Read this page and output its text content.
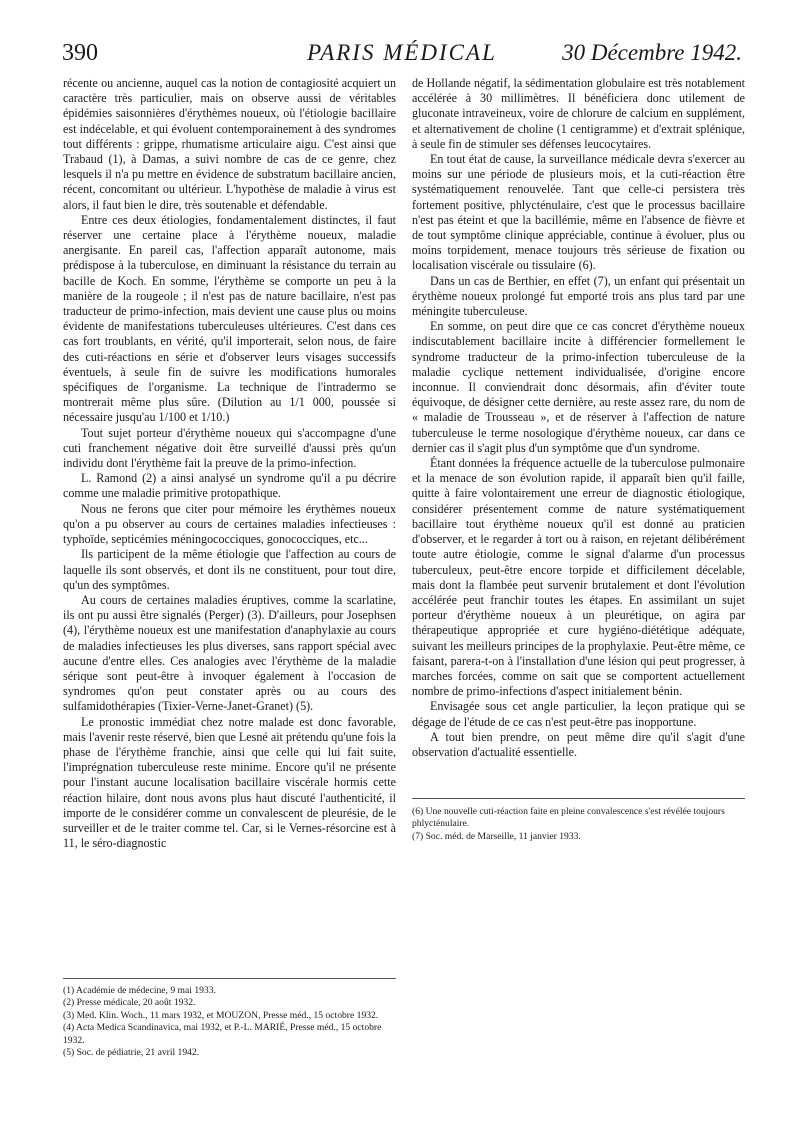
390	PARIS MÉDICAL	30 Décembre 1942.

récente ou ancienne, auquel cas la notion de contagiosité acquiert un caractère très particulier, mais on observe aussi de véritables épidémies saisonnières d'érythèmes noueux, où l'étiologie bacillaire est indécelable, et qui évoluent contemporainement à des syndromes tout différents : grippe, rhumatisme articulaire aigu. C'est ainsi que Trabaud (1), à Damas, a suivi nombre de cas de ce genre, chez lesquels il n'a pu mettre en évidence de substratum bacillaire ancien, récent, concomitant ou ultérieur. L'hypothèse de maladie à virus est alors, il faut bien le dire, très soutenable et défendable.

Entre ces deux étiologies, fondamentalement distinctes, il faut réserver une certaine place à l'érythème noueux, maladie anergisante. En pareil cas, l'affection apparaît autonome, mais prédispose à la tuberculose, en diminuant la résistance du terrain au bacille de Koch. En somme, l'érythème se comporte un peu à la manière de la rougeole ; il n'est pas de nature bacillaire, n'est pas traducteur de primo-infection, mais devient une cause plus ou moins évidente de manifestations tuberculeuses ultérieures. C'est dans ces cas fort troublants, en vérité, qu'il importerait, selon nous, de faire des cuti-réactions en série et d'observer leurs visages successifs éventuels, à seule fin de suivre les modifications humorales spécifiques de l'organisme. La technique de l'intradermo se montrerait même plus sûre. (Dilution au 1/1 000, poussée si nécessaire jusqu'au 1/100 et 1/10.)

Tout sujet porteur d'érythème noueux qui s'accompagne d'une cuti franchement négative doit être surveillé d'aussi près qu'un individu dont l'érythème fait la preuve de la primo-infection.

L. Ramond (2) a ainsi analysé un syndrome qu'il a pu décrire comme une maladie primitive protopathique.

Nous ne ferons que citer pour mémoire les érythèmes noueux qu'on a pu observer au cours de certaines maladies infectieuses : typhoïde, septicémies méningococciques, gonococciques, etc...

Ils participent de la même étiologie que l'affection au cours de laquelle ils sont observés, et dont ils ne constituent, pour tout dire, qu'un des symptômes.

Au cours de certaines maladies éruptives, comme la scarlatine, ils ont pu aussi être signalés (Perger) (3). D'ailleurs, pour Josephsen (4), l'érythème noueux est une manifestation d'anaphylaxie au cours de maladies infectieuses les plus diverses, sans rapport spécial avec aucune d'entre elles. Ces analogies avec l'érythème de la maladie sérique sont peut-être à invoquer également à l'occasion de syndromes qu'on peut constater après ou au cours des sulfamidothérapies (Tixier-Verne-Janet-Granet) (5).

Le pronostic immédiat chez notre malade est donc favorable, mais l'avenir reste réservé, bien que Lesné ait prétendu qu'une fois la phase de l'érythème franchie, ainsi que celle qui lui fait suite, l'imprégnation tuberculeuse reste minime. Encore qu'il ne présente pour l'instant aucune localisation bacillaire viscérale hormis cette réaction hilaire, dont nous avons plus haut discuté l'authenticité, il importe de le considérer comme un convalescent de pleurésie, de le surveiller et de le traiter comme tel. Car, si le Vernes-résorcine est à 11, le séro-diagnostic

(1) Académie de médecine, 9 mai 1933.

(2) Presse médicale, 20 août 1932.

(3) Med. Klin. Woch., 11 mars 1932, et MOUZON, Presse méd., 15 octobre 1932.

(4) Acta Medica Scandinavica, mai 1932, et P.-L. MARIÉ, Presse méd., 15 octobre 1932.

(5) Soc. de pédiatrie, 21 avril 1942.

de Hollande négatif, la sédimentation globulaire est très notablement accélérée à 30 millimètres. Il bénéficiera donc utilement de gluconate intraveineux, voire de chlorure de calcium en supplément, et alternativement de choline (1 centigramme) et d'extrait splénique, à seule fin de stimuler ses défenses leucocytaires.

En tout état de cause, la surveillance médicale devra s'exercer au moins sur une période de plusieurs mois, et la cuti-réaction être systématiquement renouvelée. Tant que celle-ci persistera très fortement positive, phlycténulaire, c'est que le processus bacillaire n'est pas éteint et que la bacillémie, même en l'absence de fièvre et de tout symptôme clinique appréciable, continue à évoluer, plus ou moins torpidement, menace toujours très sérieuse de fixation ou localisation viscérale ou tissulaire (6).

Dans un cas de Berthier, en effet (7), un enfant qui présentait un érythème noueux prolongé fut emporté trois ans plus tard par une méningite tuberculeuse.

En somme, on peut dire que ce cas concret d'érythème noueux indiscutablement bacillaire incite à différencier formellement le syndrome traducteur de la primo-infection tuberculeuse de la maladie cyclique nettement individualisée, d'origine encore inconnue. Il conviendrait donc désormais, afin d'éviter toute équivoque, de désigner cette dernière, au reste assez rare, du nom de « maladie de Trousseau », et de réserver à l'affection de nature tuberculeuse le terme nosologique d'érythème noueux, car dans ce dernier cas il s'agit plus d'un symptôme que d'un syndrome.

Étant données la fréquence actuelle de la tuberculose pulmonaire et la menace de son évolution rapide, il apparaît bien qu'il faille, quitte à faire volontairement une erreur de diagnostic étiologique, considérer présentement comme de nature systématiquement bacillaire tout érythème noueux qu'il est donné au praticien d'observer, et le regarder à tort ou à raison, en rejetant délibérément toute autre étiologie, comme le signal d'alarme d'un processus tuberculeux, peut-être encore torpide et difficilement décelable, mais dont la flambée peut survenir brutalement et dont l'évolution accélérée peut franchir toutes les étapes. En assimilant un sujet porteur d'érythème noueux à un pleurétique, on agira par thérapeutique appropriée et cure hygiéno-diététique adéquate, suivant les meilleurs principes de la prophylaxie. Peut-être même, ce faisant, parera-t-on à l'installation d'une lésion qui peut progresser, à marches forcées, comme on sait que se comportent actuellement nombre de primo-infections d'aspect initialement bénin.

Envisagée sous cet angle particulier, la leçon pratique qui se dégage de l'étude de ce cas n'est peut-être pas inopportune.

A tout bien prendre, on peut même dire qu'il s'agit d'une observation d'actualité essentielle.

(6) Une nouvelle cuti-réaction faite en pleine convalescence s'est révélée toujours phlycténulaire.

(7) Soc. méd. de Marseille, 11 janvier 1933.
